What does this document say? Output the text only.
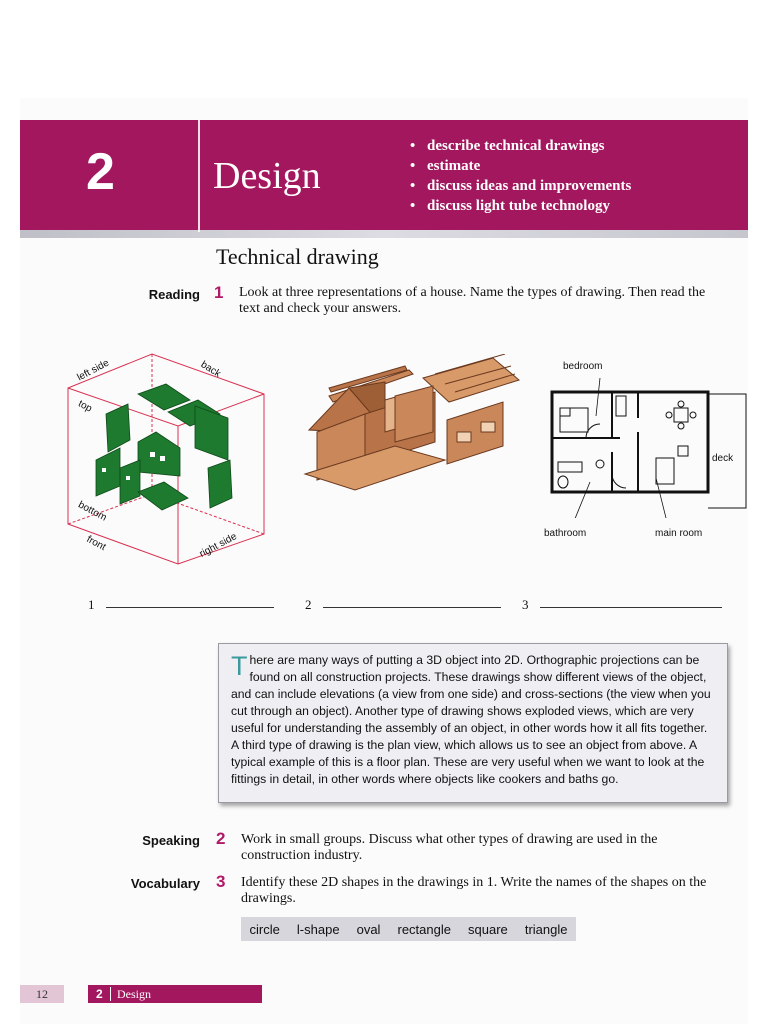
2	Design
• describe technical drawings
• estimate
• discuss ideas and improvements
• discuss light tube technology
Technical drawing
Reading 1 Look at three representations of a house. Name the types of drawing. Then read the text and check your answers.
left side	back
top
bottom
front	right side
bedroom
deck
bathroom	main room
1	2	3
There are many ways of putting a 3D object into 2D. Orthographic projections can be found on all construction projects. These drawings show different views of the object, and can include elevations (a view from one side) and cross-sections (the view when you cut through an object). Another type of drawing shows exploded views, which are very useful for understanding the assembly of an object, in other words how it all fits together. A third type of drawing is the plan view, which allows us to see an object from above. A typical example of this is a floor plan. These are very useful when we want to look at the fittings in detail, in other words where objects like cookers and baths go.
Speaking 2 Work in small groups. Discuss what other types of drawing are used in the construction industry.
Vocabulary 3 Identify these 2D shapes in the drawings in 1. Write the names of the shapes on the drawings.
circle l-shape oval rectangle square triangle
12	2 Design
